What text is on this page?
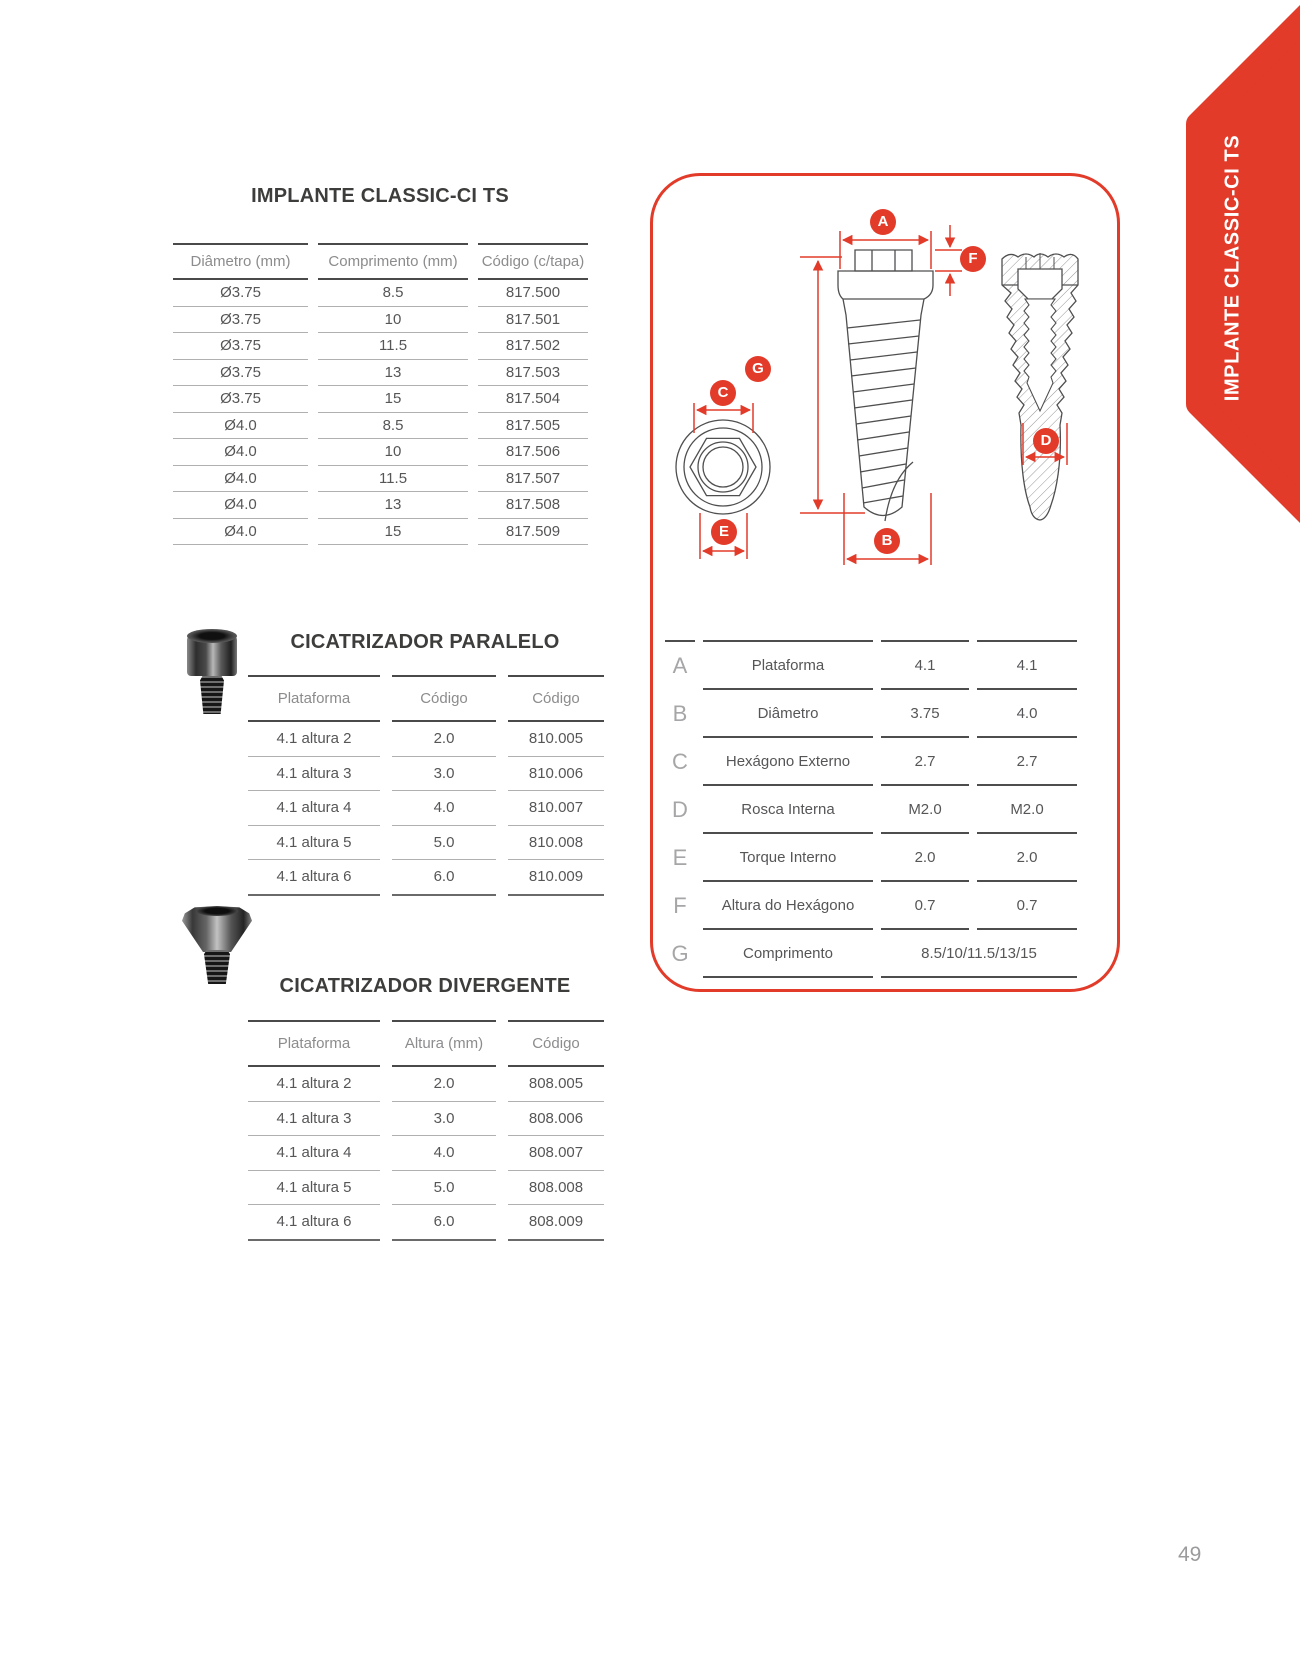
IMPLANTE CLASSIC-CI TS
IMPLANTE CLASSIC-CI TS
Diâmetro (mm)	Comprimento (mm)	Código (c/tapa)
Ø3.75	8.5	817.500
Ø3.75	10	817.501
Ø3.75	11.5	817.502
Ø3.75	13	817.503
Ø3.75	15	817.504
Ø4.0	8.5	817.505
Ø4.0	10	817.506
Ø4.0	11.5	817.507
Ø4.0	13	817.508
Ø4.0	15	817.509
CICATRIZADOR PARALELO
Plataforma	Código	Código
4.1 altura 2	2.0	810.005
4.1 altura 3	3.0	810.006
4.1 altura 4	4.0	810.007
4.1 altura 5	5.0	810.008
4.1 altura 6	6.0	810.009
CICATRIZADOR DIVERGENTE
Plataforma	Altura (mm)	Código
4.1 altura 2	2.0	808.005
4.1 altura 3	3.0	808.006
4.1 altura 4	4.0	808.007
4.1 altura 5	5.0	808.008
4.1 altura 6	6.0	808.009
A
B
C
D
E
F
G
A	Plataforma	4.1	4.1
B	Diâmetro	3.75	4.0
C	Hexágono Externo	2.7	2.7
D	Rosca Interna	M2.0	M2.0
E	Torque Interno	2.0	2.0
F	Altura do Hexágono	0.7	0.7
G	Comprimento	8.5/10/11.5/13/15	
49
